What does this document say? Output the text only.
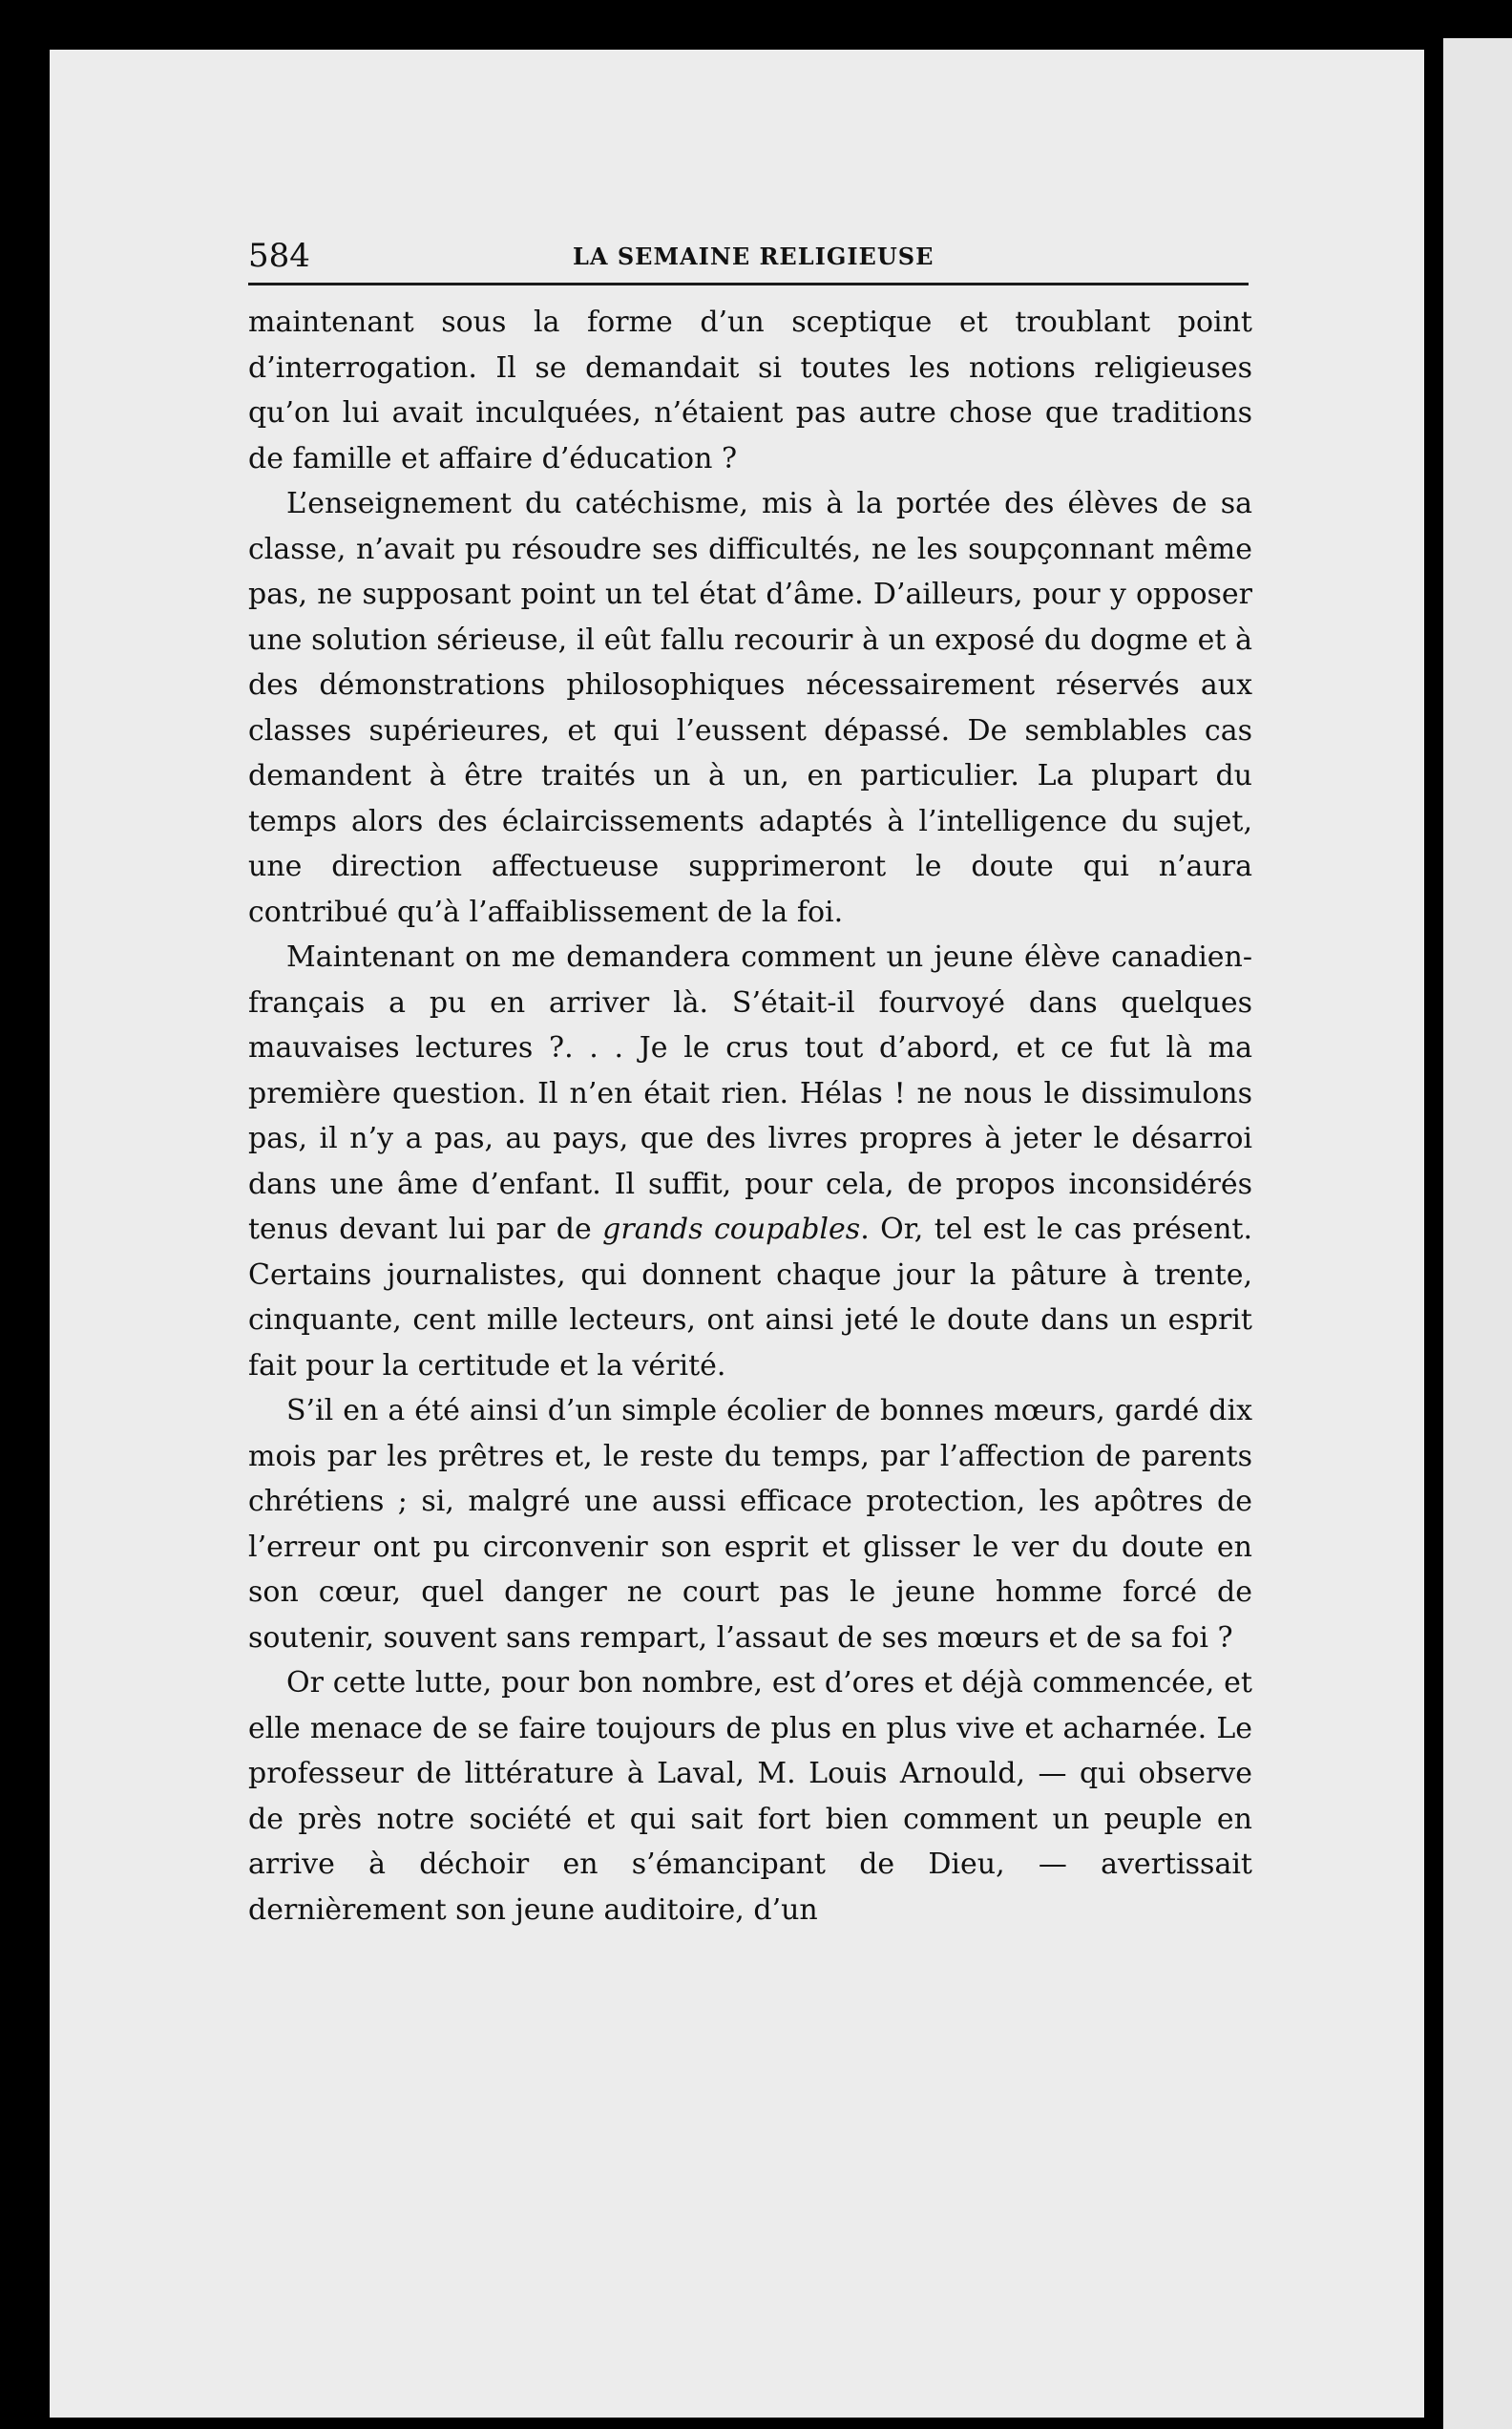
584	LA SEMAINE RELIGIEUSE

maintenant sous la forme d’un sceptique et troublant point d’interrogation. Il se demandait si toutes les notions religieuses qu’on lui avait inculquées, n’étaient pas autre chose que traditions de famille et affaire d’éducation ?

L’enseignement du catéchisme, mis à la portée des élèves de sa classe, n’avait pu résoudre ses difficultés, ne les soupçonnant même pas, ne supposant point un tel état d’âme. D’ailleurs, pour y opposer une solution sérieuse, il eût fallu recourir à un exposé du dogme et à des démonstrations philosophiques nécessairement réservés aux classes supérieures, et qui l’eussent dépassé. De semblables cas demandent à être traités un à un, en particulier. La plupart du temps alors des éclaircissements adaptés à l’intelligence du sujet, une direction affectueuse supprimeront le doute qui n’aura contribué qu’à l’affaiblissement de la foi.

Maintenant on me demandera comment un jeune élève canadien-français a pu en arriver là. S’était-il fourvoyé dans quelques mauvaises lectures ?. . . Je le crus tout d’abord, et ce fut là ma première question. Il n’en était rien. Hélas ! ne nous le dissimulons pas, il n’y a pas, au pays, que des livres propres à jeter le désarroi dans une âme d’enfant. Il suffit, pour cela, de propos inconsidérés tenus devant lui par de grands coupables. Or, tel est le cas présent. Certains journalistes, qui donnent chaque jour la pâture à trente, cinquante, cent mille lecteurs, ont ainsi jeté le doute dans un esprit fait pour la certitude et la vérité.

S’il en a été ainsi d’un simple écolier de bonnes mœurs, gardé dix mois par les prêtres et, le reste du temps, par l’affection de parents chrétiens ; si, malgré une aussi efficace protection, les apôtres de l’erreur ont pu circonvenir son esprit et glisser le ver du doute en son cœur, quel danger ne court pas le jeune homme forcé de soutenir, souvent sans rempart, l’assaut de ses mœurs et de sa foi ?

Or cette lutte, pour bon nombre, est d’ores et déjà commencée, et elle menace de se faire toujours de plus en plus vive et acharnée. Le professeur de littérature à Laval, M. Louis Arnould, — qui observe de près notre société et qui sait fort bien comment un peuple en arrive à déchoir en s’émancipant de Dieu, — avertissait dernièrement son jeune auditoire, d’un
